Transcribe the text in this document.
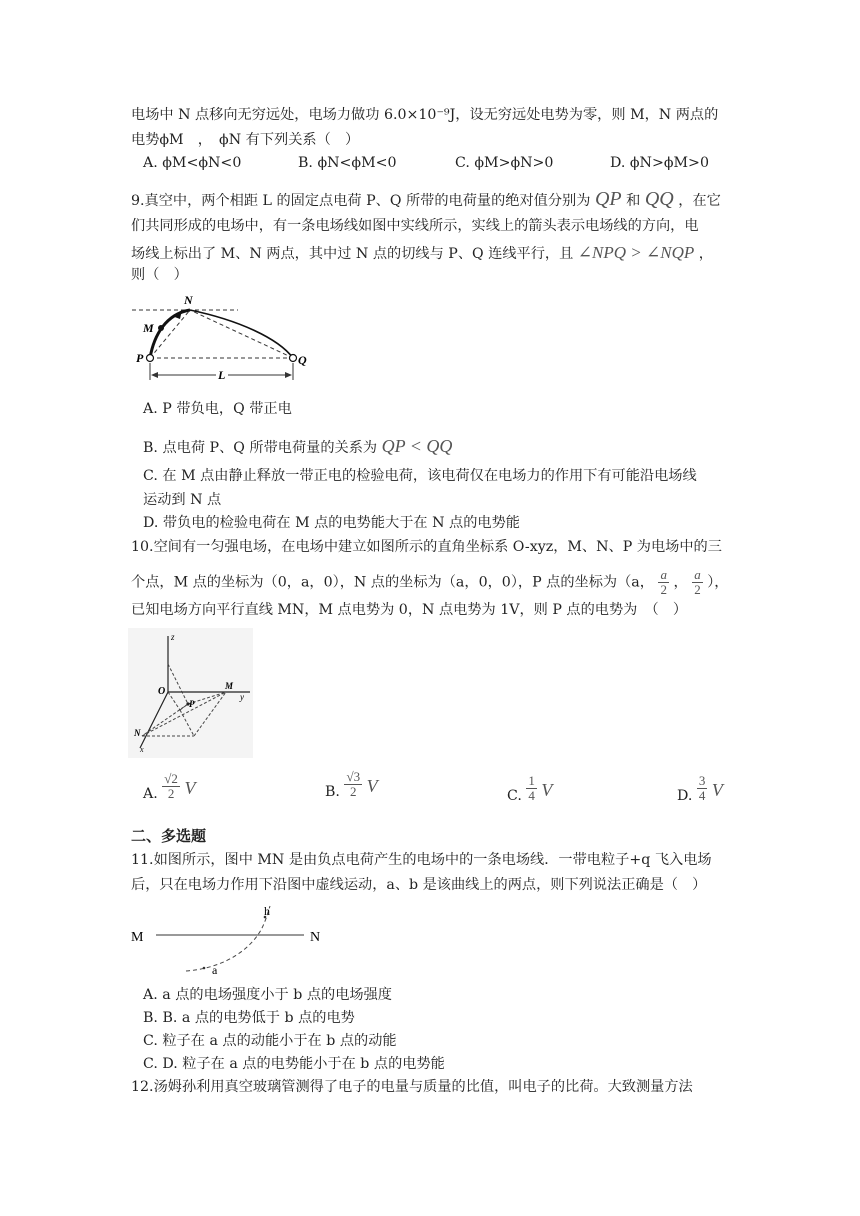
电场中 N 点移向无穷远处，电场力做功 6.0×10⁻⁹J，设无穷远处电势为零，则 M，N 两点的
电势ϕM　，　ϕN 有下列关系（　）
A. ϕM<ϕN<0	B. ϕN<ϕM<0	C. ϕM>ϕN>0	D. ϕN>ϕM>0
9.真空中，两个相距 L 的固定点电荷 P、Q 所带的电荷量的绝对值分别为 QP 和 QQ ，在它
们共同形成的电场中，有一条电场线如图中实线所示，实线上的箭头表示电场线的方向，电
场线上标出了 M、N 两点，其中过 N 点的切线与 P、Q 连线平行，且 ∠NPQ > ∠NQP ，
则（　）
N
M
P	Q
L
A. P 带负电，Q 带正电
B. 点电荷 P、Q 所带电荷量的关系为 QP < QQ
C. 在 M 点由静止释放一带正电的检验电荷，该电荷仅在电场力的作用下有可能沿电场线
运动到 N 点
D. 带负电的检验电荷在 M 点的电势能大于在 N 点的电势能
10.空间有一匀强电场，在电场中建立如图所示的直角坐标系 O-xyz，M、N、P 为电场中的三
个点，M 点的坐标为（0，a，0），N 点的坐标为（a，0，0），P 点的坐标为（a， $\frac{a}{2}$ ， $\frac{a}{2}$ ），
已知电场方向平行直线 MN，M 点电势为 0，N 点电势为 1V，则 P 点的电势为　（　）
z
O	M
y
P
N
x
A. $\frac{√2}{2}$ V	B. $\frac{√3}{2}$ V	C. $\frac{1}{4}$ V	D. $\frac{3}{4}$ V
二、多选题
11.如图所示，图中 MN 是由负点电荷产生的电场中的一条电场线．一带电粒子+q 飞入电场
后，只在电场力作用下沿图中虚线运动，a、b 是该曲线上的两点，则下列说法正确是（　）
M	N
a
h
A. a 点的电场强度小于 b 点的电场强度
B. B. a 点的电势低于 b 点的电势
C. 粒子在 a 点的动能小于在 b 点的动能
C. D. 粒子在 a 点的电势能小于在 b 点的电势能
12.汤姆孙利用真空玻璃管测得了电子的电量与质量的比值，叫电子的比荷。大致测量方法
